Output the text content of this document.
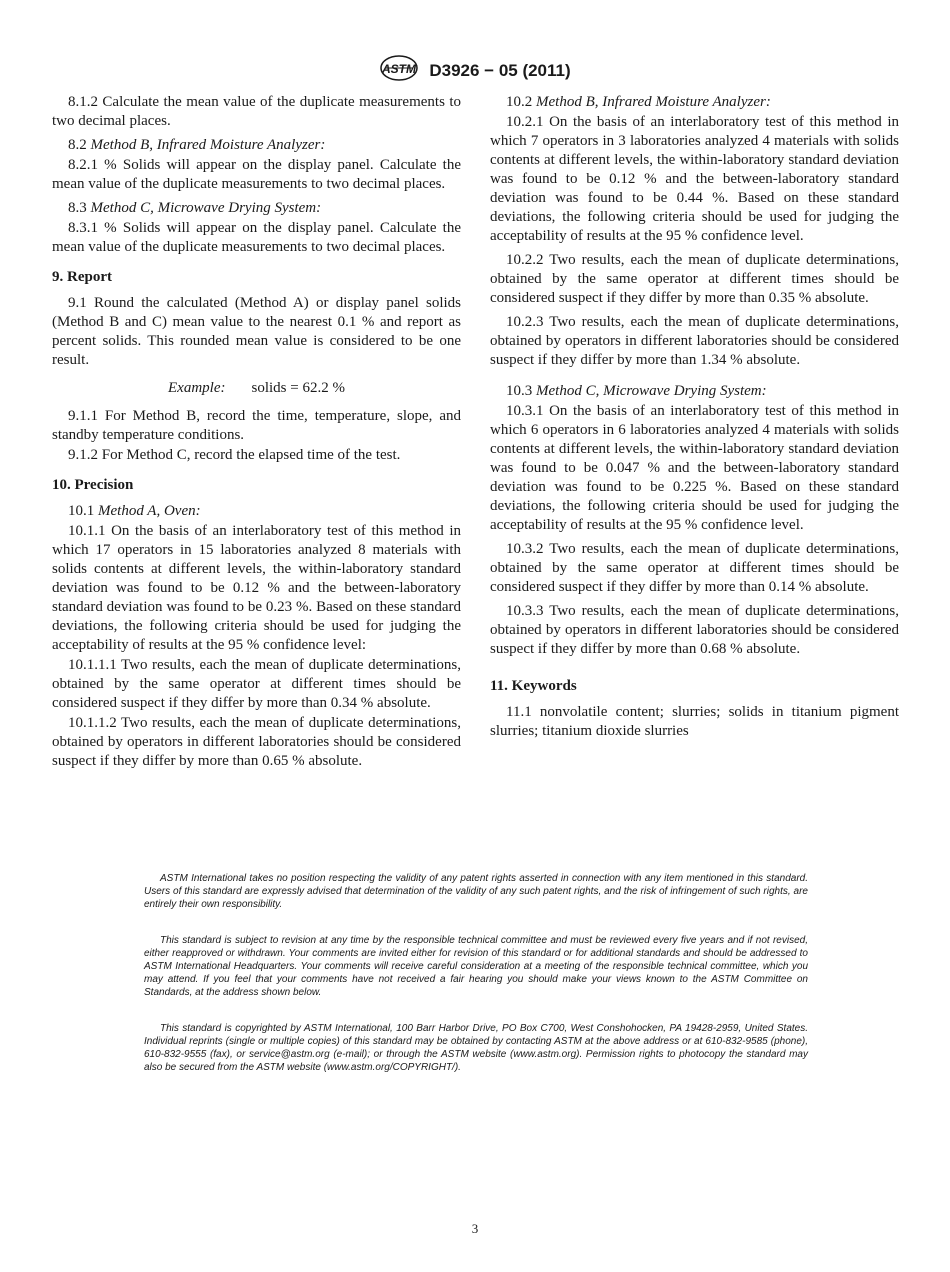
ASTM D3926 − 05 (2011)

8.1.2 Calculate the mean value of the duplicate measurements to two decimal places.

8.2 Method B, Infrared Moisture Analyzer:

8.2.1 % Solids will appear on the display panel. Calculate the mean value of the duplicate measurements to two decimal places.

8.3 Method C, Microwave Drying System:

8.3.1 % Solids will appear on the display panel. Calculate the mean value of the duplicate measurements to two decimal places.

9. Report

9.1 Round the calculated (Method A) or display panel solids (Method B and C) mean value to the nearest 0.1 % and report as percent solids. This rounded mean value is considered to be one result.

Example: solids = 62.2 %

9.1.1 For Method B, record the time, temperature, slope, and standby temperature conditions.

9.1.2 For Method C, record the elapsed time of the test.

10. Precision

10.1 Method A, Oven:

10.1.1 On the basis of an interlaboratory test of this method in which 17 operators in 15 laboratories analyzed 8 materials with solids contents at different levels, the within-laboratory standard deviation was found to be 0.12 % and the between-laboratory standard deviation was found to be 0.23 %. Based on these standard deviations, the following criteria should be used for judging the acceptability of results at the 95 % confidence level:

10.1.1.1 Two results, each the mean of duplicate determinations, obtained by the same operator at different times should be considered suspect if they differ by more than 0.34 % absolute.

10.1.1.2 Two results, each the mean of duplicate determinations, obtained by operators in different laboratories should be considered suspect if they differ by more than 0.65 % absolute.

10.2 Method B, Infrared Moisture Analyzer:

10.2.1 On the basis of an interlaboratory test of this method in which 7 operators in 3 laboratories analyzed 4 materials with solids contents at different levels, the within-laboratory standard deviation was found to be 0.12 % and the between-laboratory standard deviation was found to be 0.44 %. Based on these standard deviations, the following criteria should be used for judging the acceptability of results at the 95 % confidence level.

10.2.2 Two results, each the mean of duplicate determinations, obtained by the same operator at different times should be considered suspect if they differ by more than 0.35 % absolute.

10.2.3 Two results, each the mean of duplicate determinations, obtained by operators in different laboratories should be considered suspect if they differ by more than 1.34 % absolute.

10.3 Method C, Microwave Drying System:

10.3.1 On the basis of an interlaboratory test of this method in which 6 operators in 6 laboratories analyzed 4 materials with solids contents at different levels, the within-laboratory standard deviation was found to be 0.047 % and the between-laboratory standard deviation was found to be 0.225 %. Based on these standard deviations, the following criteria should be used for judging the acceptability of results at the 95 % confidence level.

10.3.2 Two results, each the mean of duplicate determinations, obtained by the same operator at different times should be considered suspect if they differ by more than 0.14 % absolute.

10.3.3 Two results, each the mean of duplicate determinations, obtained by operators in different laboratories should be considered suspect if they differ by more than 0.68 % absolute.

11. Keywords

11.1 nonvolatile content; slurries; solids in titanium pigment slurries; titanium dioxide slurries

ASTM International takes no position respecting the validity of any patent rights asserted in connection with any item mentioned in this standard. Users of this standard are expressly advised that determination of the validity of any such patent rights, and the risk of infringement of such rights, are entirely their own responsibility.

This standard is subject to revision at any time by the responsible technical committee and must be reviewed every five years and if not revised, either reapproved or withdrawn. Your comments are invited either for revision of this standard or for additional standards and should be addressed to ASTM International Headquarters. Your comments will receive careful consideration at a meeting of the responsible technical committee, which you may attend. If you feel that your comments have not received a fair hearing you should make your views known to the ASTM Committee on Standards, at the address shown below.

This standard is copyrighted by ASTM International, 100 Barr Harbor Drive, PO Box C700, West Conshohocken, PA 19428-2959, United States. Individual reprints (single or multiple copies) of this standard may be obtained by contacting ASTM at the above address or at 610-832-9585 (phone), 610-832-9555 (fax), or service@astm.org (e-mail); or through the ASTM website (www.astm.org). Permission rights to photocopy the standard may also be secured from the ASTM website (www.astm.org/COPYRIGHT/).

3
